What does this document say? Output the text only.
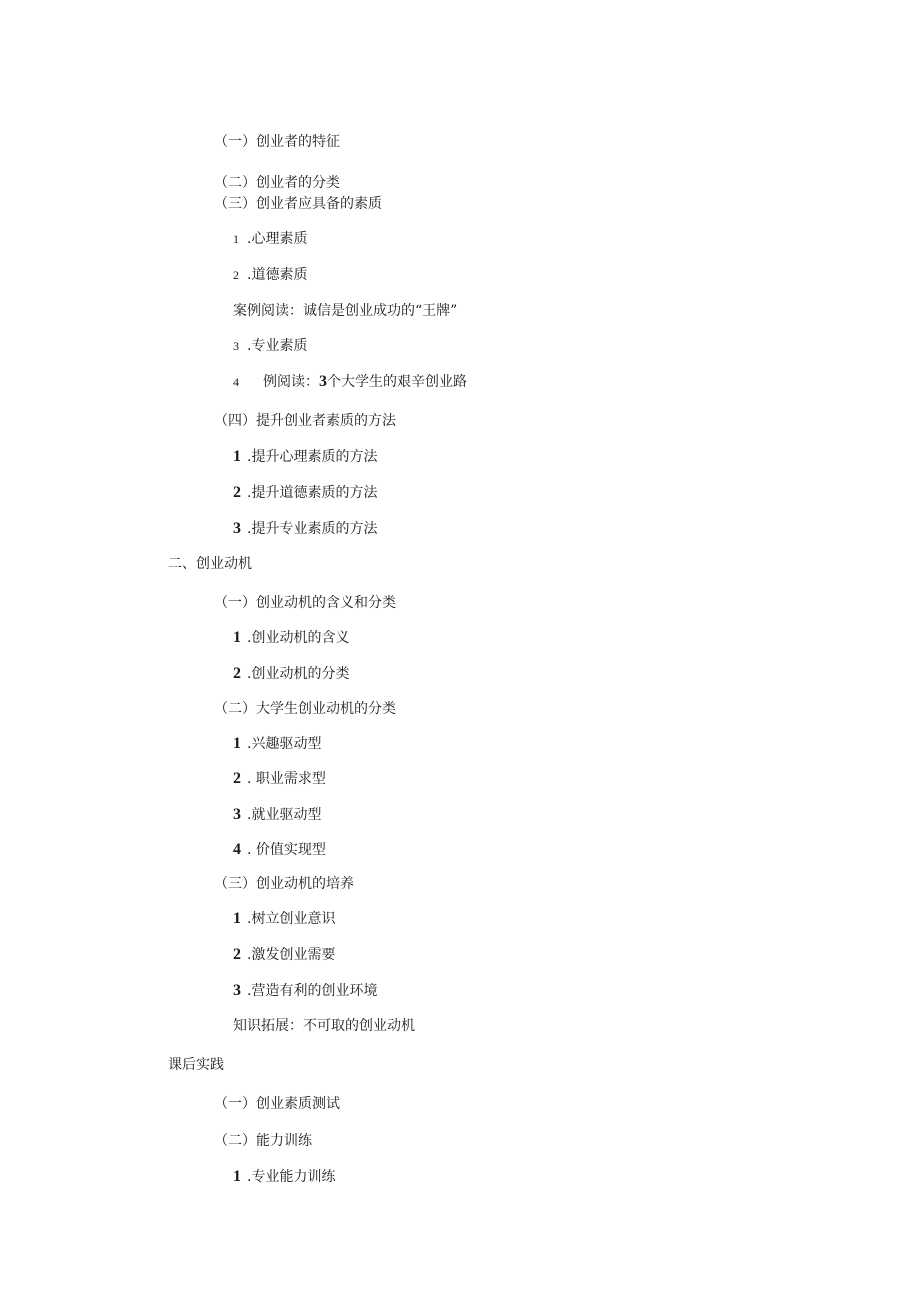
（一）创业者的特征
（二）创业者的分类
（三）创业者应具备的素质
1 .心理素质
2 .道德素质
案例阅读：诚信是创业成功的“王牌”
3 .专业素质
4 例阅读：3个大学生的艰辛创业路
（四）提升创业者素质的方法
1 .提升心理素质的方法
2 .提升道德素质的方法
3 .提升专业素质的方法
二、创业动机
（一）创业动机的含义和分类
1 .创业动机的含义
2 .创业动机的分类
（二）大学生创业动机的分类
1 .兴趣驱动型
2 . 职业需求型
3 .就业驱动型
4 . 价值实现型
（三）创业动机的培养
1 .树立创业意识
2 .激发创业需要
3 .营造有利的创业环境
知识拓展：不可取的创业动机
课后实践
（一）创业素质测试
（二）能力训练
1 .专业能力训练
